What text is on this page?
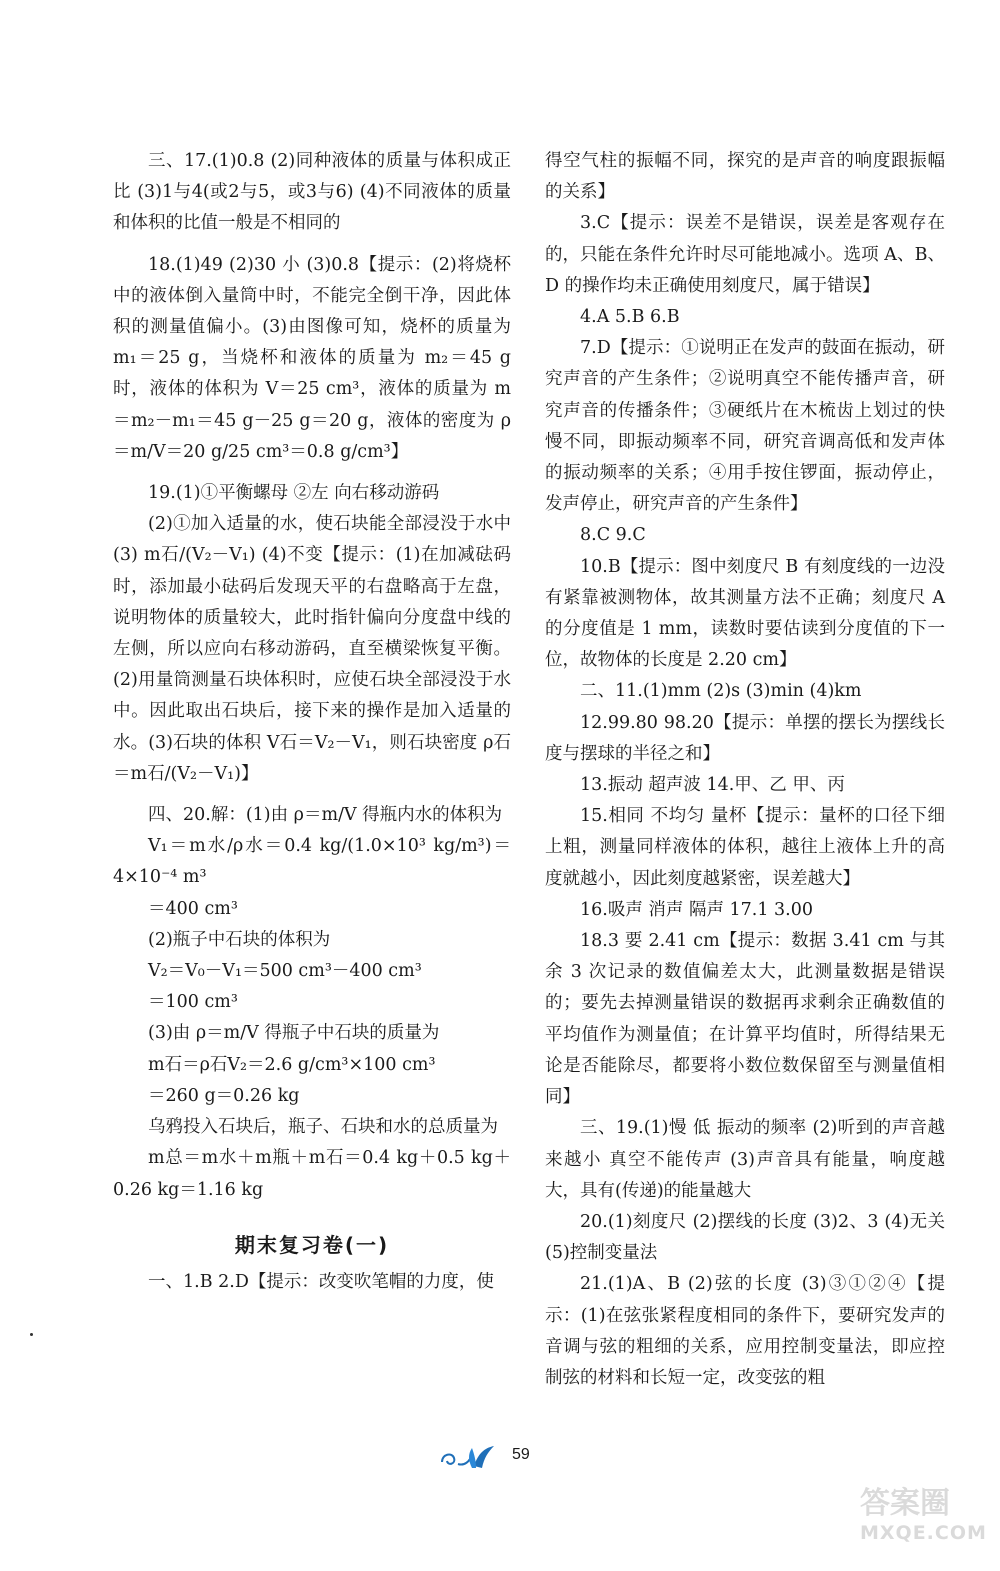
三、17.(1)0.8 (2)同种液体的质量与体积成正比 (3)1与4(或2与5，或3与6) (4)不同液体的质量和体积的比值一般是不相同的

18.(1)49 (2)30 小 (3)0.8【提示：(2)将烧杯中的液体倒入量筒中时，不能完全倒干净，因此体积的测量值偏小。(3)由图像可知，烧杯的质量为 m₁＝25 g，当烧杯和液体的质量为 m₂＝45 g 时，液体的体积为 V＝25 cm³，液体的质量为 m＝m₂－m₁＝45 g－25 g＝20 g，液体的密度为 ρ＝m/V＝20 g/25 cm³＝0.8 g/cm³】

19.(1)①平衡螺母 ②左 向右移动游码

(2)①加入适量的水，使石块能全部浸没于水中 (3) m石/(V₂－V₁) (4)不变【提示：(1)在加减砝码时，添加最小砝码后发现天平的右盘略高于左盘，说明物体的质量较大，此时指针偏向分度盘中线的左侧，所以应向右移动游码，直至横梁恢复平衡。(2)用量筒测量石块体积时，应使石块全部浸没于水中。因此取出石块后，接下来的操作是加入适量的水。(3)石块的体积 V石＝V₂－V₁，则石块密度 ρ石＝m石/(V₂－V₁)】

四、20.解：(1)由 ρ＝m/V 得瓶内水的体积为

V₁＝m水/ρ水＝0.4 kg/(1.0×10³ kg/m³)＝4×10⁻⁴ m³

＝400 cm³

(2)瓶子中石块的体积为

V₂＝V₀－V₁＝500 cm³－400 cm³

＝100 cm³

(3)由 ρ＝m/V 得瓶子中石块的质量为

m石＝ρ石V₂＝2.6 g/cm³×100 cm³

＝260 g＝0.26 kg

乌鸦投入石块后，瓶子、石块和水的总质量为

m总＝m水＋m瓶＋m石＝0.4 kg＋0.5 kg＋0.26 kg＝1.16 kg

期末复习卷(一)

一、1.B 2.D【提示：改变吹笔帽的力度，使

得空气柱的振幅不同，探究的是声音的响度跟振幅的关系】

3.C【提示：误差不是错误，误差是客观存在的，只能在条件允许时尽可能地减小。选项 A、B、D 的操作均未正确使用刻度尺，属于错误】

4.A 5.B 6.B

7.D【提示：①说明正在发声的鼓面在振动，研究声音的产生条件；②说明真空不能传播声音，研究声音的传播条件；③硬纸片在木梳齿上划过的快慢不同，即振动频率不同，研究音调高低和发声体的振动频率的关系；④用手按住锣面，振动停止，发声停止，研究声音的产生条件】

8.C 9.C

10.B【提示：图中刻度尺 B 有刻度线的一边没有紧靠被测物体，故其测量方法不正确；刻度尺 A 的分度值是 1 mm，读数时要估读到分度值的下一位，故物体的长度是 2.20 cm】

二、11.(1)mm (2)s (3)min (4)km

12.99.80 98.20【提示：单摆的摆长为摆线长度与摆球的半径之和】

13.振动 超声波 14.甲、乙 甲、丙

15.相同 不均匀 量杯【提示：量杯的口径下细上粗，测量同样液体的体积，越往上液体上升的高度就越小，因此刻度越紧密，误差越大】

16.吸声 消声 隔声 17.1 3.00

18.3 要 2.41 cm【提示：数据 3.41 cm 与其余 3 次记录的数值偏差太大，此测量数据是错误的；要先去掉测量错误的数据再求剩余正确数值的平均值作为测量值；在计算平均值时，所得结果无论是否能除尽，都要将小数位数保留至与测量值相同】

三、19.(1)慢 低 振动的频率 (2)听到的声音越来越小 真空不能传声 (3)声音具有能量，响度越大，具有(传递)的能量越大

20.(1)刻度尺 (2)摆线的长度 (3)2、3 (4)无关 (5)控制变量法

21.(1)A、B (2)弦的长度 (3)③①②④【提示：(1)在弦张紧程度相同的条件下，要研究发声的音调与弦的粗细的关系，应用控制变量法，即应控制弦的材料和长短一定，改变弦的粗

59
答案圈
MXQE.COM
